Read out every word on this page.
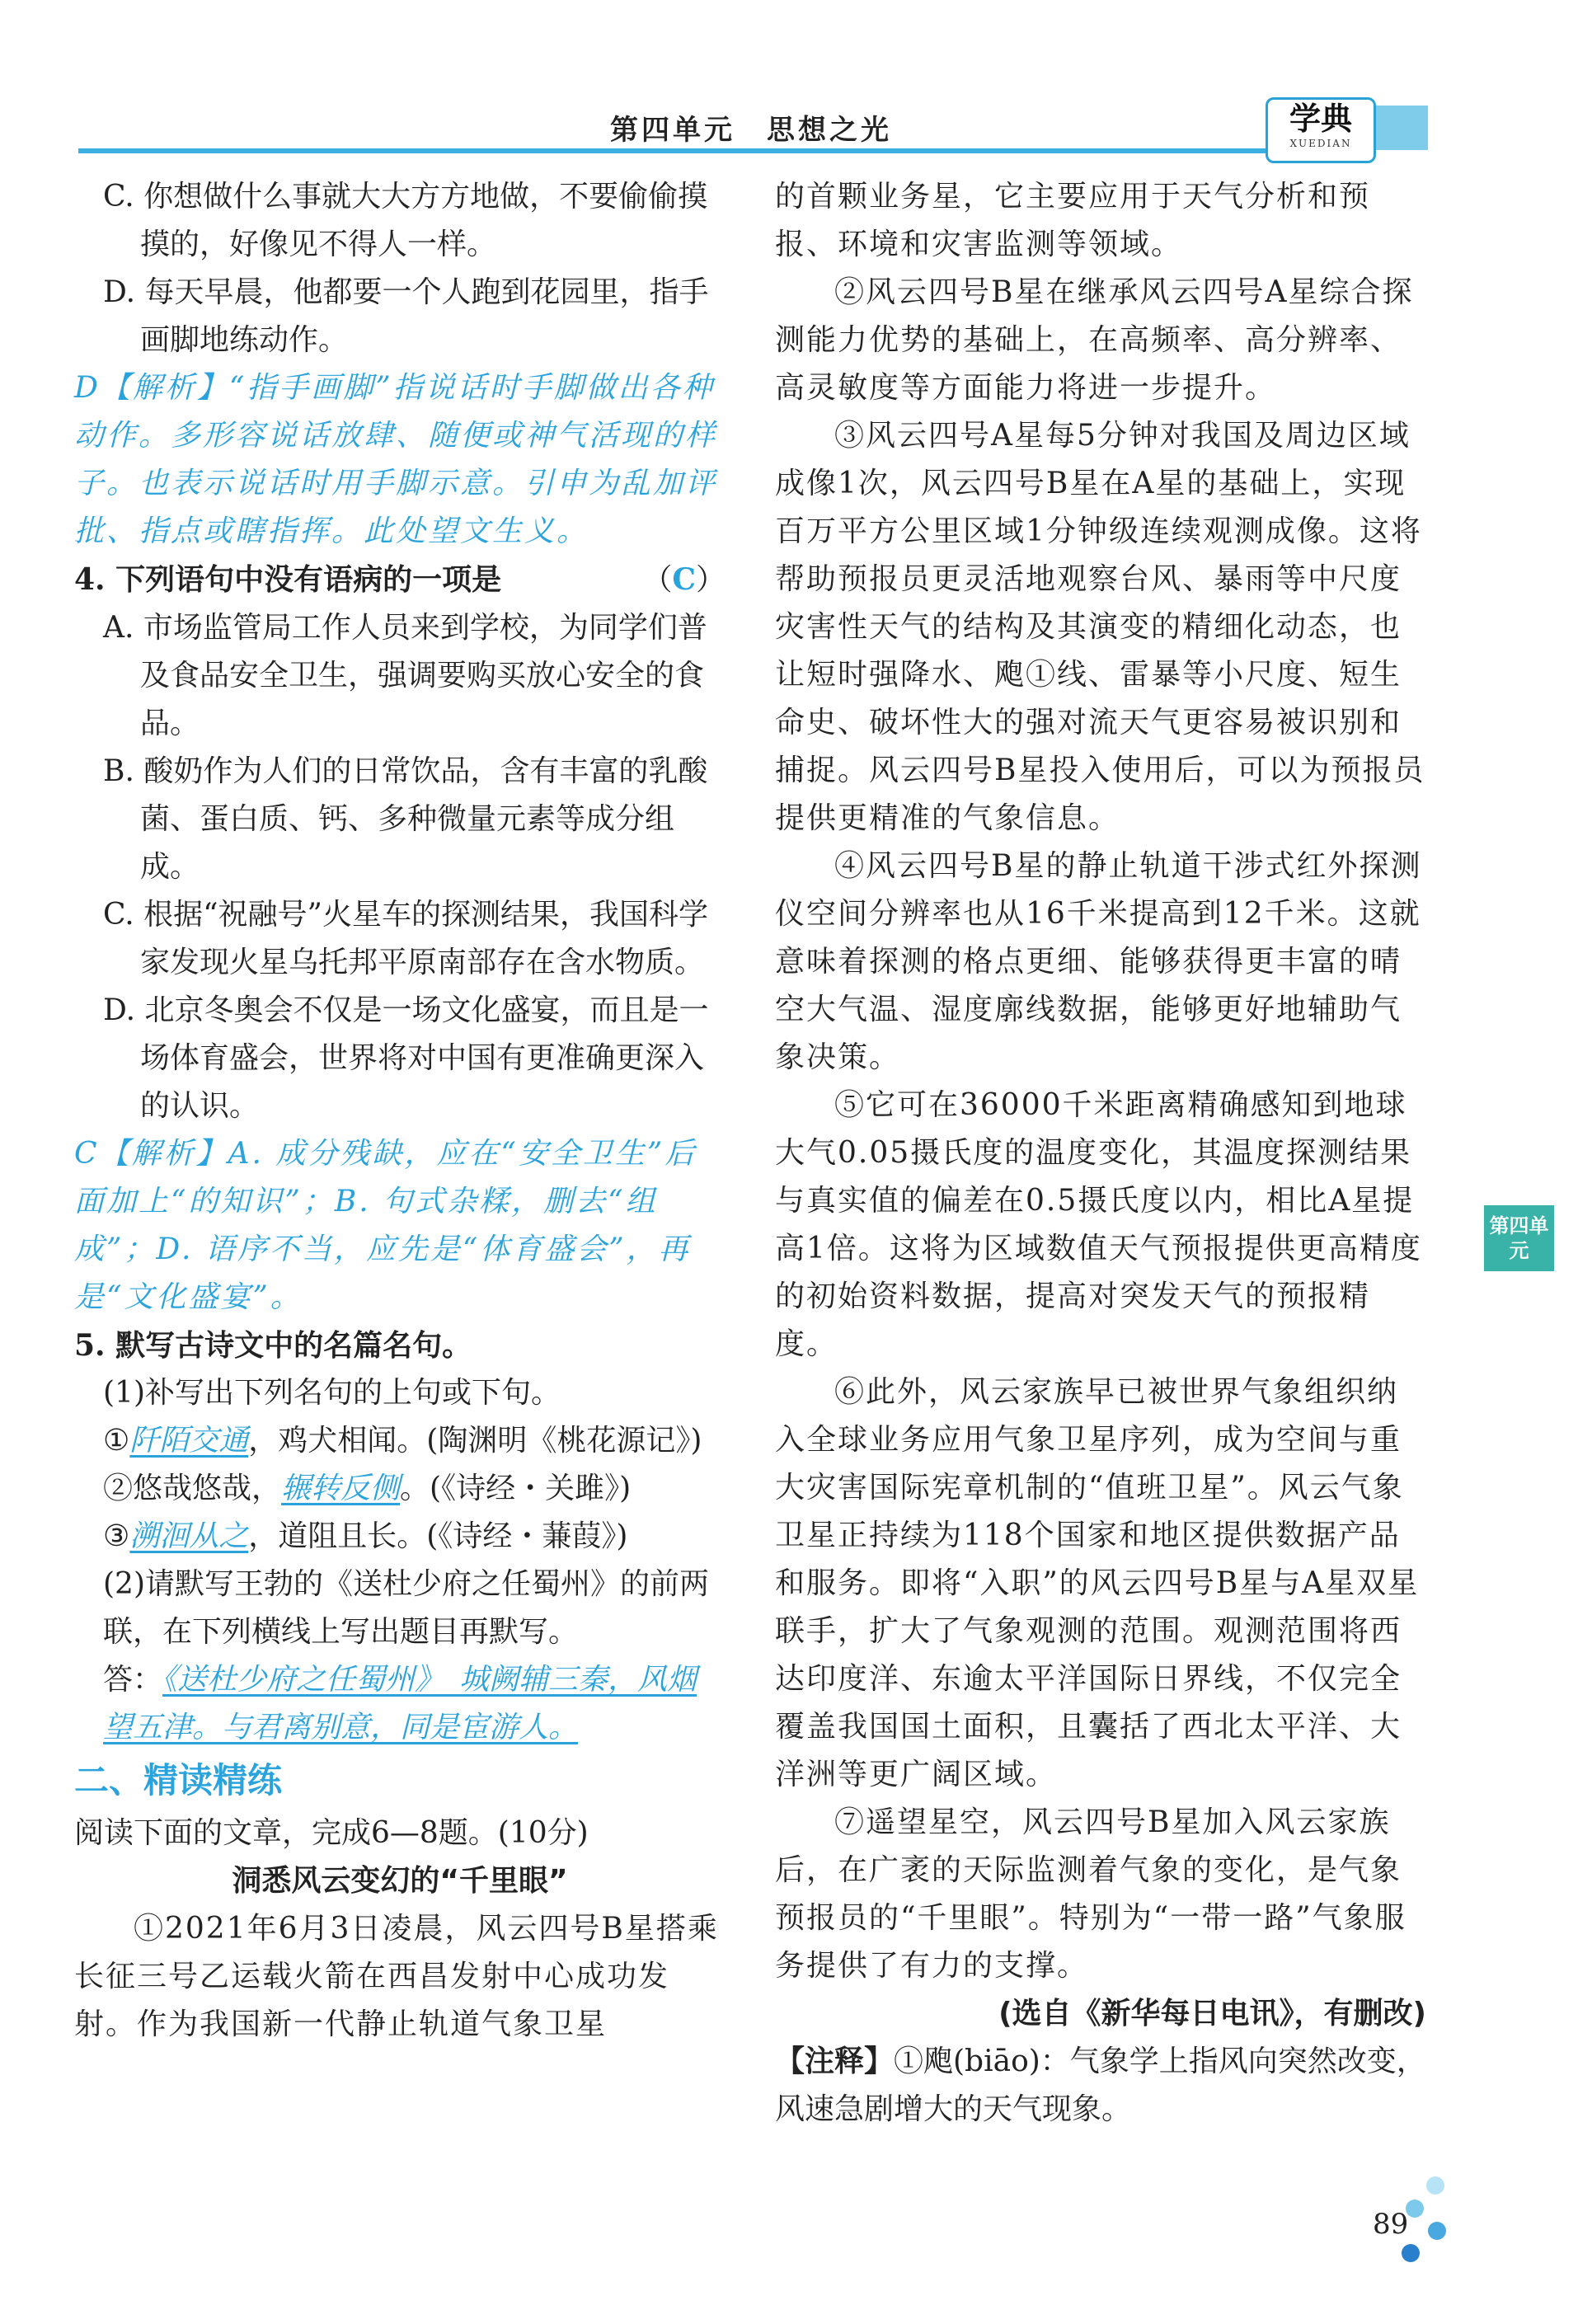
第四单元　思想之光	学典
XUEDIAN

C. 你想做什么事就大大方方地做，不要偷偷摸摸的，好像见不得人一样。

D. 每天早晨，他都要一个人跑到花园里，指手画脚地练动作。

D【解析】“指手画脚”指说话时手脚做出各种动作。多形容说话放肆、随便或神气活现的样子。也表示说话时用手脚示意。引申为乱加评批、指点或瞎指挥。此处望文生义。

4. 下列语句中没有语病的一项是	（C）

A. 市场监管局工作人员来到学校，为同学们普及食品安全卫生，强调要购买放心安全的食品。

B. 酸奶作为人们的日常饮品，含有丰富的乳酸菌、蛋白质、钙、多种微量元素等成分组成。

C. 根据“祝融号”火星车的探测结果，我国科学家发现火星乌托邦平原南部存在含水物质。

D. 北京冬奥会不仅是一场文化盛宴，而且是一场体育盛会，世界将对中国有更准确更深入的认识。

C【解析】A. 成分残缺，应在“安全卫生”后面加上“的知识”；B. 句式杂糅，删去“组成”；D. 语序不当，应先是“体育盛会”，再是“文化盛宴”。

5. 默写古诗文中的名篇名句。

(1)补写出下列名句的上句或下句。

①阡陌交通，鸡犬相闻。(陶渊明《桃花源记》)

②悠哉悠哉，辗转反侧。(《诗经・关雎》)

③溯洄从之，道阻且长。(《诗经・蒹葭》)

(2)请默写王勃的《送杜少府之任蜀州》的前两联，在下列横线上写出题目再默写。

答：《送杜少府之任蜀州》　城阙辅三秦，风烟望五津。与君离别意，同是宦游人。

二、精读精练

阅读下面的文章，完成6—8题。(10分)

洞悉风云变幻的“千里眼”

①2021年6月3日凌晨，风云四号B星搭乘长征三号乙运载火箭在西昌发射中心成功发射。作为我国新一代静止轨道气象卫星

的首颗业务星，它主要应用于天气分析和预报、环境和灾害监测等领域。

②风云四号B星在继承风云四号A星综合探测能力优势的基础上，在高频率、高分辨率、高灵敏度等方面能力将进一步提升。

③风云四号A星每5分钟对我国及周边区域成像1次，风云四号B星在A星的基础上，实现百万平方公里区域1分钟级连续观测成像。这将帮助预报员更灵活地观察台风、暴雨等中尺度灾害性天气的结构及其演变的精细化动态，也让短时强降水、飑①线、雷暴等小尺度、短生命史、破坏性大的强对流天气更容易被识别和捕捉。风云四号B星投入使用后，可以为预报员提供更精准的气象信息。

④风云四号B星的静止轨道干涉式红外探测仪空间分辨率也从16千米提高到12千米。这就意味着探测的格点更细、能够获得更丰富的晴空大气温、湿度廓线数据，能够更好地辅助气象决策。

⑤它可在36000千米距离精确感知到地球大气0.05摄氏度的温度变化，其温度探测结果与真实值的偏差在0.5摄氏度以内，相比A星提高1倍。这将为区域数值天气预报提供更高精度的初始资料数据，提高对突发天气的预报精度。

⑥此外，风云家族早已被世界气象组织纳入全球业务应用气象卫星序列，成为空间与重大灾害国际宪章机制的“值班卫星”。风云气象卫星正持续为118个国家和地区提供数据产品和服务。即将“入职”的风云四号B星与A星双星联手，扩大了气象观测的范围。观测范围将西达印度洋、东逾太平洋国际日界线，不仅完全覆盖我国国土面积，且囊括了西北太平洋、大洋洲等更广阔区域。

⑦遥望星空，风云四号B星加入风云家族后，在广袤的天际监测着气象的变化，是气象预报员的“千里眼”。特别为“一带一路”气象服务提供了有力的支撑。

(选自《新华每日电讯》，有删改)

【注释】①飑(biāo)：气象学上指风向突然改变，风速急剧增大的天气现象。

第四单元
89
